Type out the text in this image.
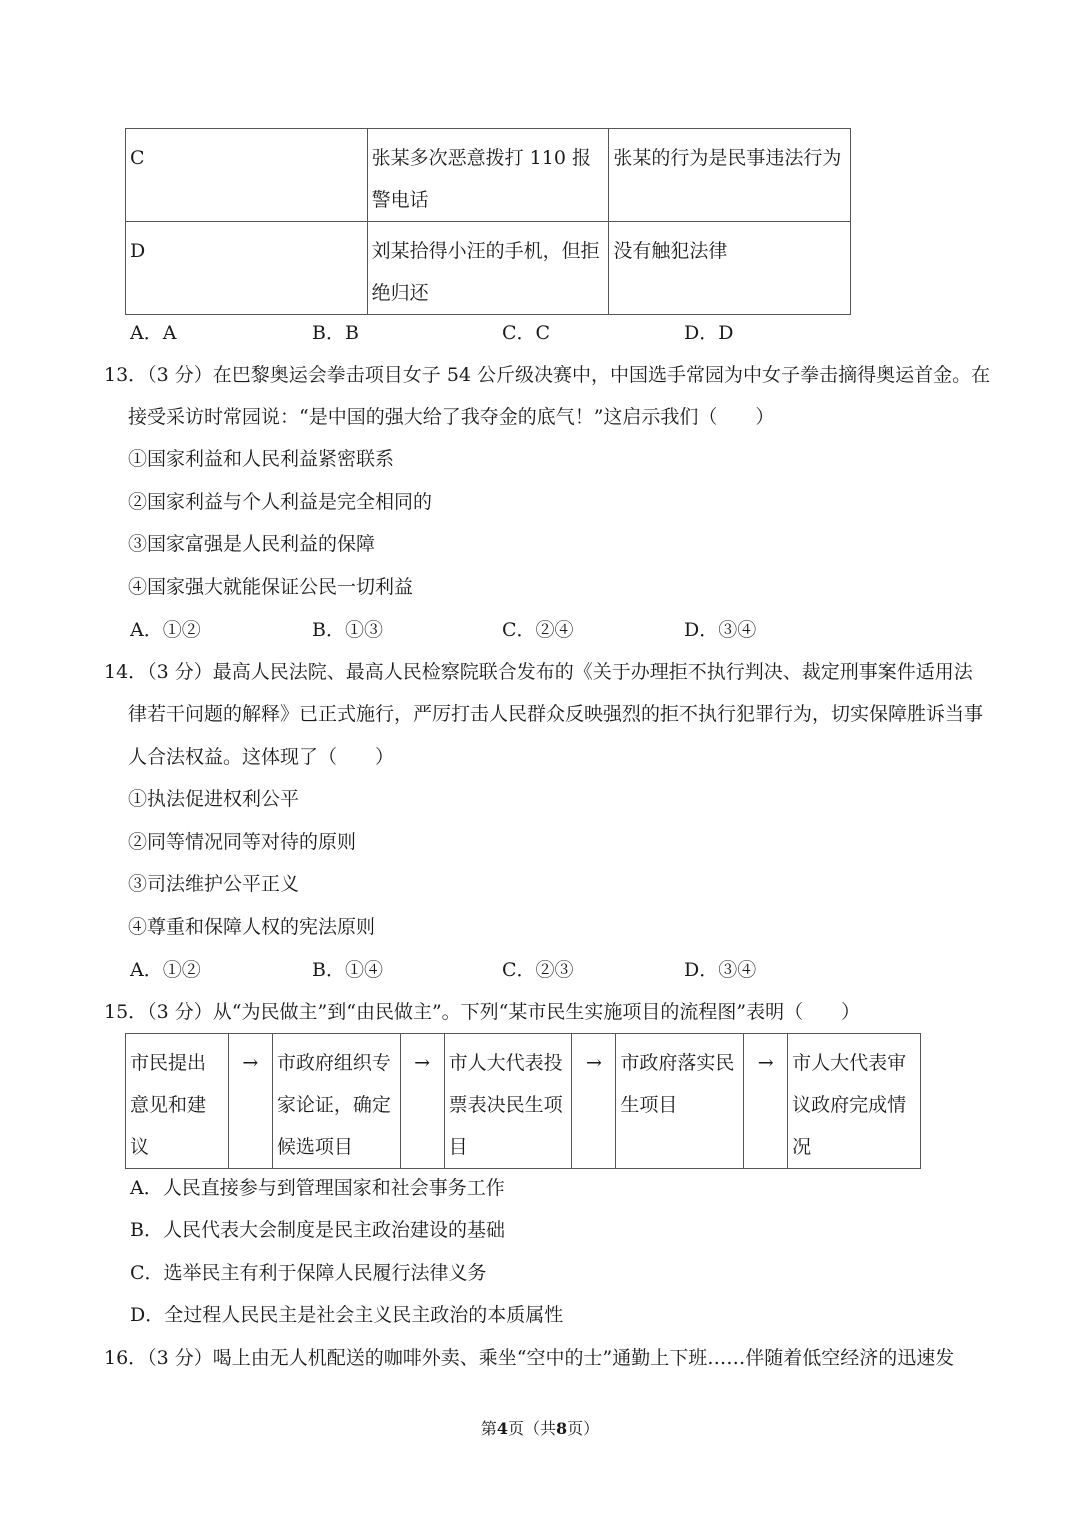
C	张某多次恶意拨打 110 报警电话	张某的行为是民事违法行为
D	刘某拾得小汪的手机，但拒绝归还	没有触犯法律
A．A	B．B	C．C	D．D
13．（3 分）在巴黎奥运会拳击项目女子 54 公斤级决赛中，中国选手常园为中女子拳击摘得奥运首金。在
接受采访时常园说：“是中国的强大给了我夺金的底气！”这启示我们（　　）
①国家利益和人民利益紧密联系
②国家利益与个人利益是完全相同的
③国家富强是人民利益的保障
④国家强大就能保证公民一切利益
A．①②	B．①③	C．②④	D．③④
14．（3 分）最高人民法院、最高人民检察院联合发布的《关于办理拒不执行判决、裁定刑事案件适用法
律若干问题的解释》已正式施行，严厉打击人民群众反映强烈的拒不执行犯罪行为，切实保障胜诉当事
人合法权益。这体现了（　　）
①执法促进权利公平
②同等情况同等对待的原则
③司法维护公平正义
④尊重和保障人权的宪法原则
A．①②	B．①④	C．②③	D．③④
15．（3 分）从“为民做主”到“由民做主”。下列“某市民生实施项目的流程图”表明（　　）
市民提出意见和建议	→	市政府组织专家论证，确定候选项目	→	市人大代表投票表决民生项目	→	市政府落实民生项目	→	市人大代表审议政府完成情况
A．人民直接参与到管理国家和社会事务工作
B．人民代表大会制度是民主政治建设的基础
C．选举民主有利于保障人民履行法律义务
D．全过程人民民主是社会主义民主政治的本质属性
16．（3 分）喝上由无人机配送的咖啡外卖、乘坐“空中的士”通勤上下班……伴随着低空经济的迅速发
第4页（共8页）
